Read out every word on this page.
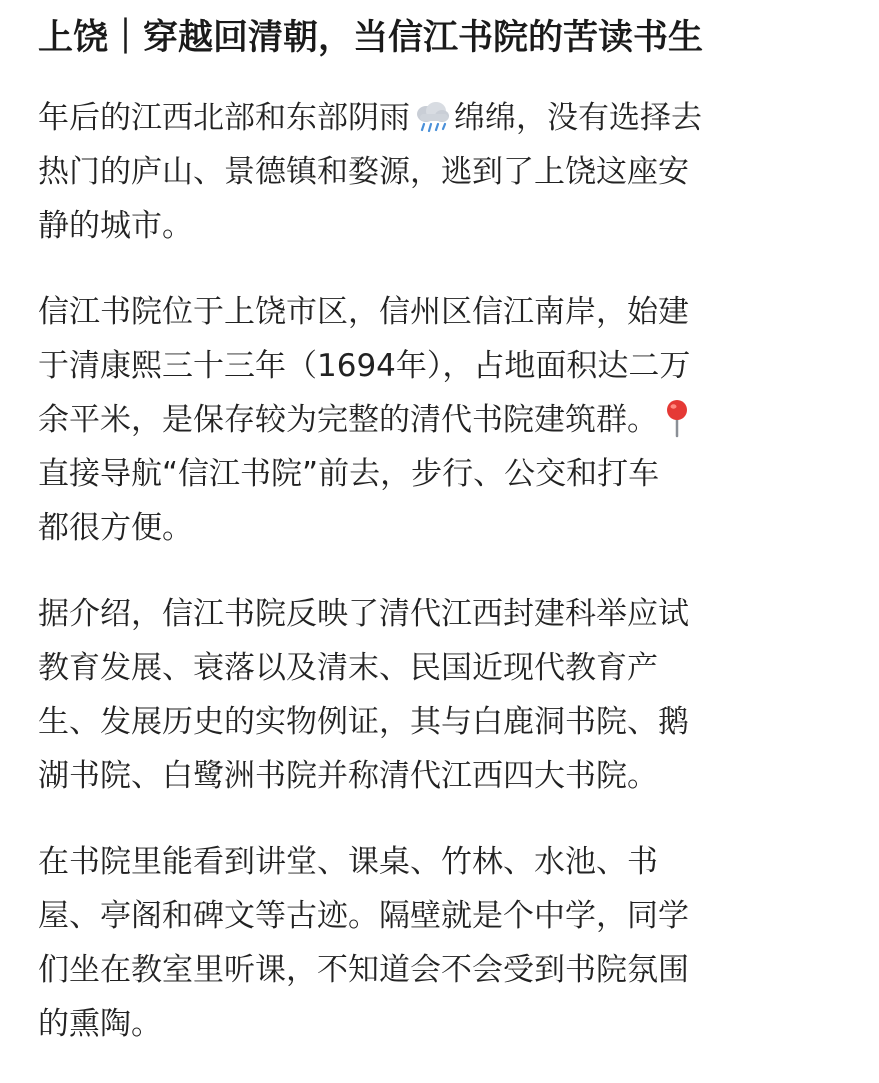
上饶｜穿越回清朝，当信江书院的苦读书生
年后的江西北部和东部阴雨 绵绵，没有选择去
热门的庐山、景德镇和婺源，逃到了上饶这座安
静的城市。
信江书院位于上饶市区，信州区信江南岸，始建
于清康熙三十三年（1694年），占地面积达二万
余平米，是保存较为完整的清代书院建筑群。
直接导航“信江书院”前去，步行、公交和打车
都很方便。
据介绍，信江书院反映了清代江西封建科举应试
教育发展、衰落以及清末、民国近现代教育产
生、发展历史的实物例证，其与白鹿洞书院、鹅
湖书院、白鹭洲书院并称清代江西四大书院。
在书院里能看到讲堂、课桌、竹林、水池、书
屋、亭阁和碑文等古迹。隔壁就是个中学，同学
们坐在教室里听课，不知道会不会受到书院氛围
的熏陶。
